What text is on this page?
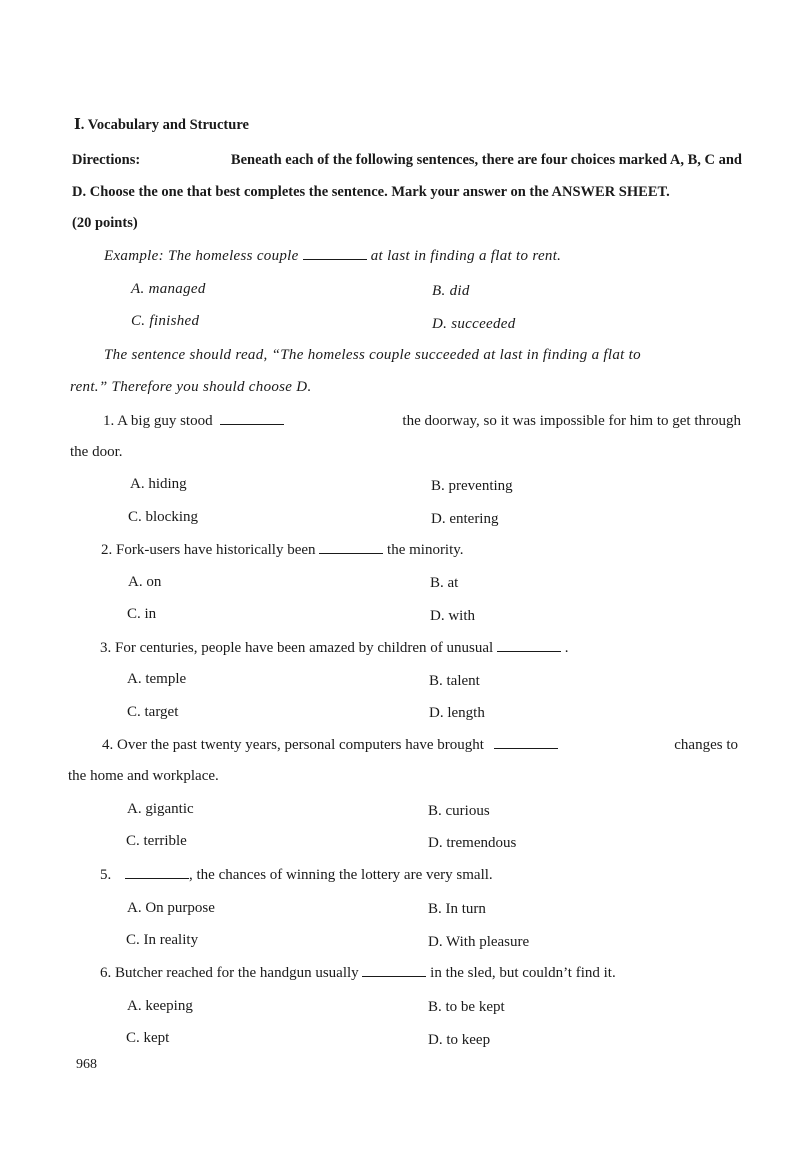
Ⅰ. Vocabulary and Structure
Directions:	Beneath each of the following sentences, there are four choices marked A, B, C and
D. Choose the one that best completes the sentence. Mark your answer on the ANSWER SHEET.
(20 points)
Example: The homeless couple	at last in finding a flat to rent.
A. managed	B. did
C. finished	D. succeeded
The sentence should read, “The homeless couple succeeded at last in finding a flat to
rent.” Therefore you should choose D.
1. A big guy stood	the doorway, so it was impossible for him to get through
the door.
A. hiding	B. preventing
C. blocking	D. entering
2. Fork-users have historically been	the minority.
A. on	B. at
C. in	D. with
3. For centuries, people have been amazed by children of unusual	.
A. temple	B. talent
C. target	D. length
4. Over the past twenty years, personal computers have brought	changes to
the home and workplace.
A. gigantic	B. curious
C. terrible	D. tremendous
5.	, the chances of winning the lottery are very small.
A. On purpose	B. In turn
C. In reality	D. With pleasure
6. Butcher reached for the handgun usually	in the sled, but couldn’t find it.
A. keeping	B. to be kept
C. kept	D. to keep
968
